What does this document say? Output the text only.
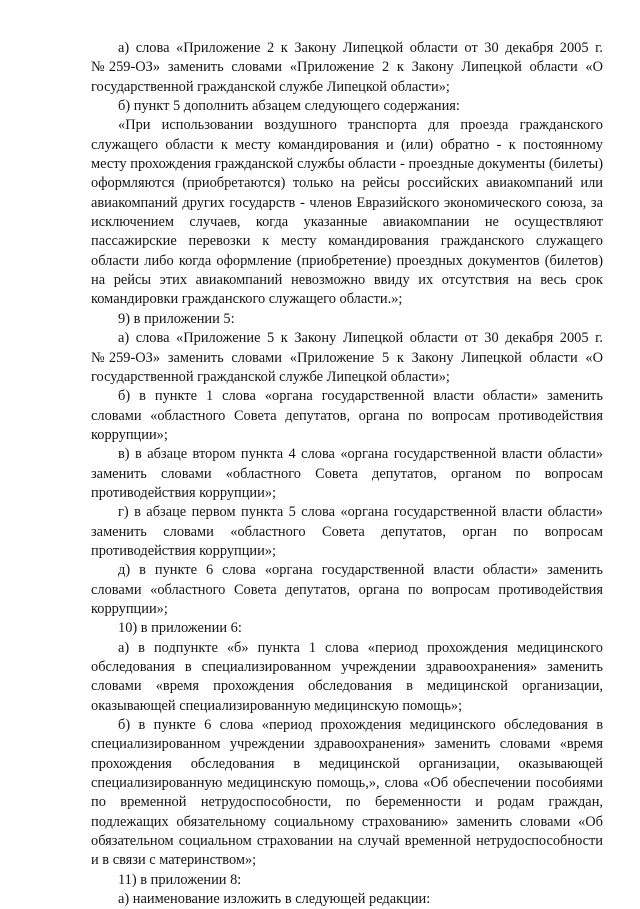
а) слова «Приложение 2 к Закону Липецкой области от 30 декабря 2005 г. №259-ОЗ» заменить словами «Приложение 2 к Закону Липецкой области «О государственной гражданской службе Липецкой области»;

б) пункт 5 дополнить абзацем следующего содержания:

«При использовании воздушного транспорта для проезда гражданского служащего области к месту командирования и (или) обратно - к постоянному месту прохождения гражданской службы области - проездные документы (билеты) оформляются (приобретаются) только на рейсы российских авиакомпаний или авиакомпаний других государств - членов Евразийского экономического союза, за исключением случаев, когда указанные авиакомпании не осуществляют пассажирские перевозки к месту командирования гражданского служащего области либо когда оформление (приобретение) проездных документов (билетов) на рейсы этих авиакомпаний невозможно ввиду их отсутствия на весь срок командировки гражданского служащего области.»;

9) в приложении 5:

а) слова «Приложение 5 к Закону Липецкой области от 30 декабря 2005 г. №259-ОЗ» заменить словами «Приложение 5 к Закону Липецкой области «О государственной гражданской службе Липецкой области»;

б) в пункте 1 слова «органа государственной власти области» заменить словами «областного Совета депутатов, органа по вопросам противодействия коррупции»;

в) в абзаце втором пункта 4 слова «органа государственной власти области» заменить словами «областного Совета депутатов, органом по вопросам противодействия коррупции»;

г) в абзаце первом пункта 5 слова «органа государственной власти области» заменить словами «областного Совета депутатов, орган по вопросам противодействия коррупции»;

д) в пункте 6 слова «органа государственной власти области» заменить словами «областного Совета депутатов, органа по вопросам противодействия коррупции»;

10) в приложении 6:

а) в подпункте «б» пункта 1 слова «период прохождения медицинского обследования в специализированном учреждении здравоохранения» заменить словами «время прохождения обследования в медицинской организации, оказывающей специализированную медицинскую помощь»;

б) в пункте 6 слова «период прохождения медицинского обследования в специализированном учреждении здравоохранения» заменить словами «время прохождения обследования в медицинской организации, оказывающей специализированную медицинскую помощь,», слова «Об обеспечении пособиями по временной нетрудоспособности, по беременности и родам граждан, подлежащих обязательному социальному страхованию» заменить словами «Об обязательном социальном страховании на случай временной нетрудоспособности и в связи с материнством»;

11) в приложении 8:

а) наименование изложить в следующей редакции:
